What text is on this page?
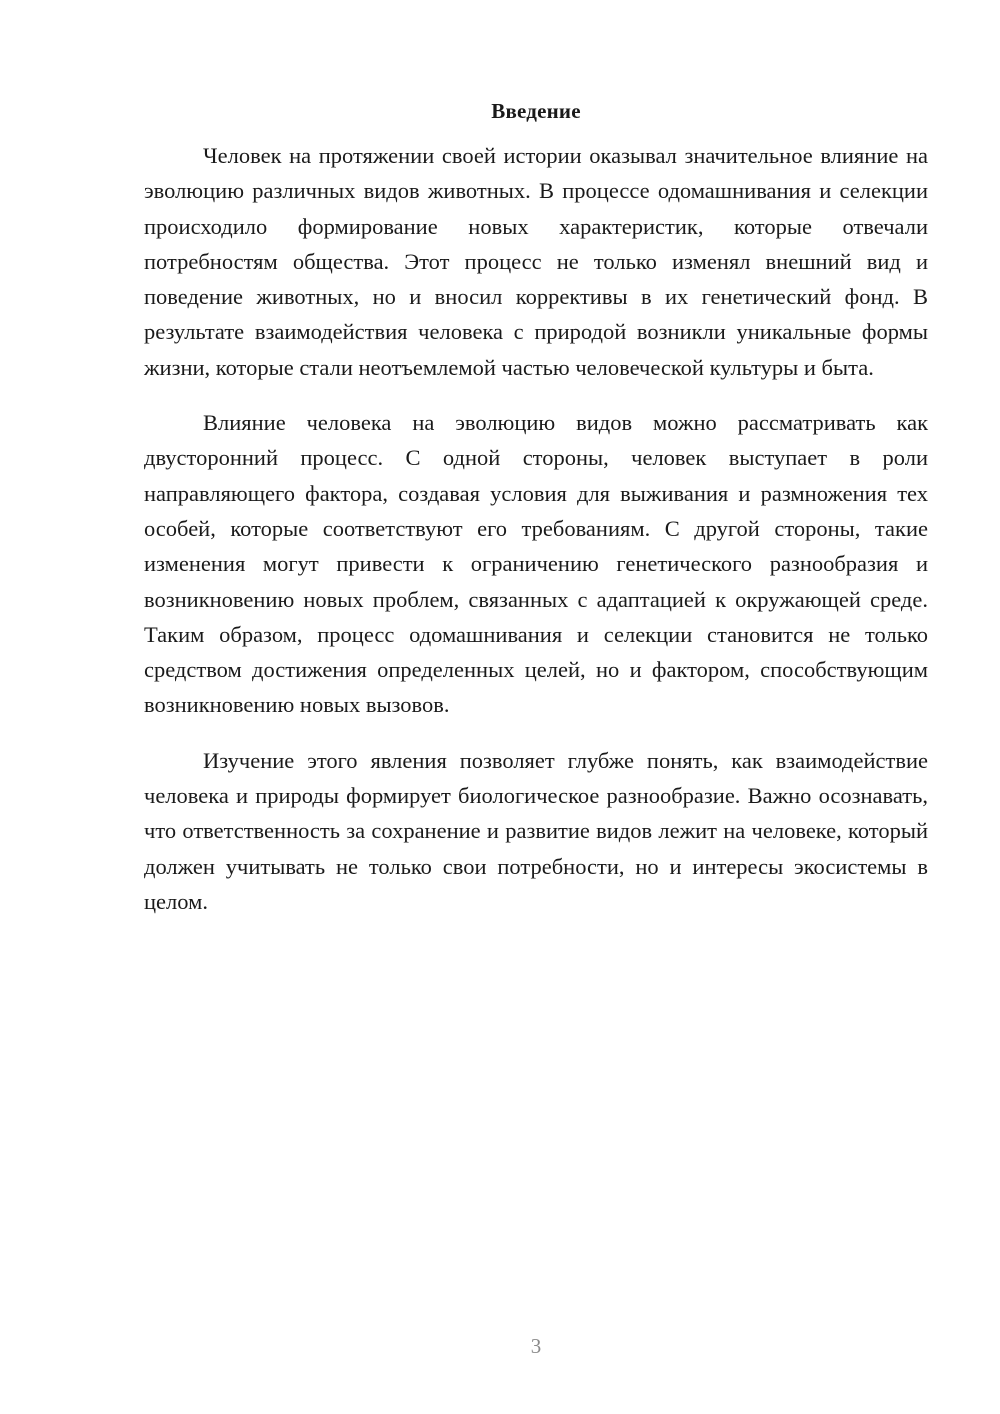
Введение

Человек на протяжении своей истории оказывал значительное влияние на эволюцию различных видов животных. В процессе одомашнивания и селекции происходило формирование новых характеристик, которые отвечали потребностям общества. Этот процесс не только изменял внешний вид и поведение животных, но и вносил коррективы в их генетический фонд. В результате взаимодействия человека с природой возникли уникальные формы жизни, которые стали неотъемлемой частью человеческой культуры и быта.

Влияние человека на эволюцию видов можно рассматривать как двусторонний процесс. С одной стороны, человек выступает в роли направляющего фактора, создавая условия для выживания и размножения тех особей, которые соответствуют его требованиям. С другой стороны, такие изменения могут привести к ограничению генетического разнообразия и возникновению новых проблем, связанных с адаптацией к окружающей среде. Таким образом, процесс одомашнивания и селекции становится не только средством достижения определенных целей, но и фактором, способствующим возникновению новых вызовов.

Изучение этого явления позволяет глубже понять, как взаимодействие человека и природы формирует биологическое разнообразие. Важно осознавать, что ответственность за сохранение и развитие видов лежит на человеке, который должен учитывать не только свои потребности, но и интересы экосистемы в целом.

3
